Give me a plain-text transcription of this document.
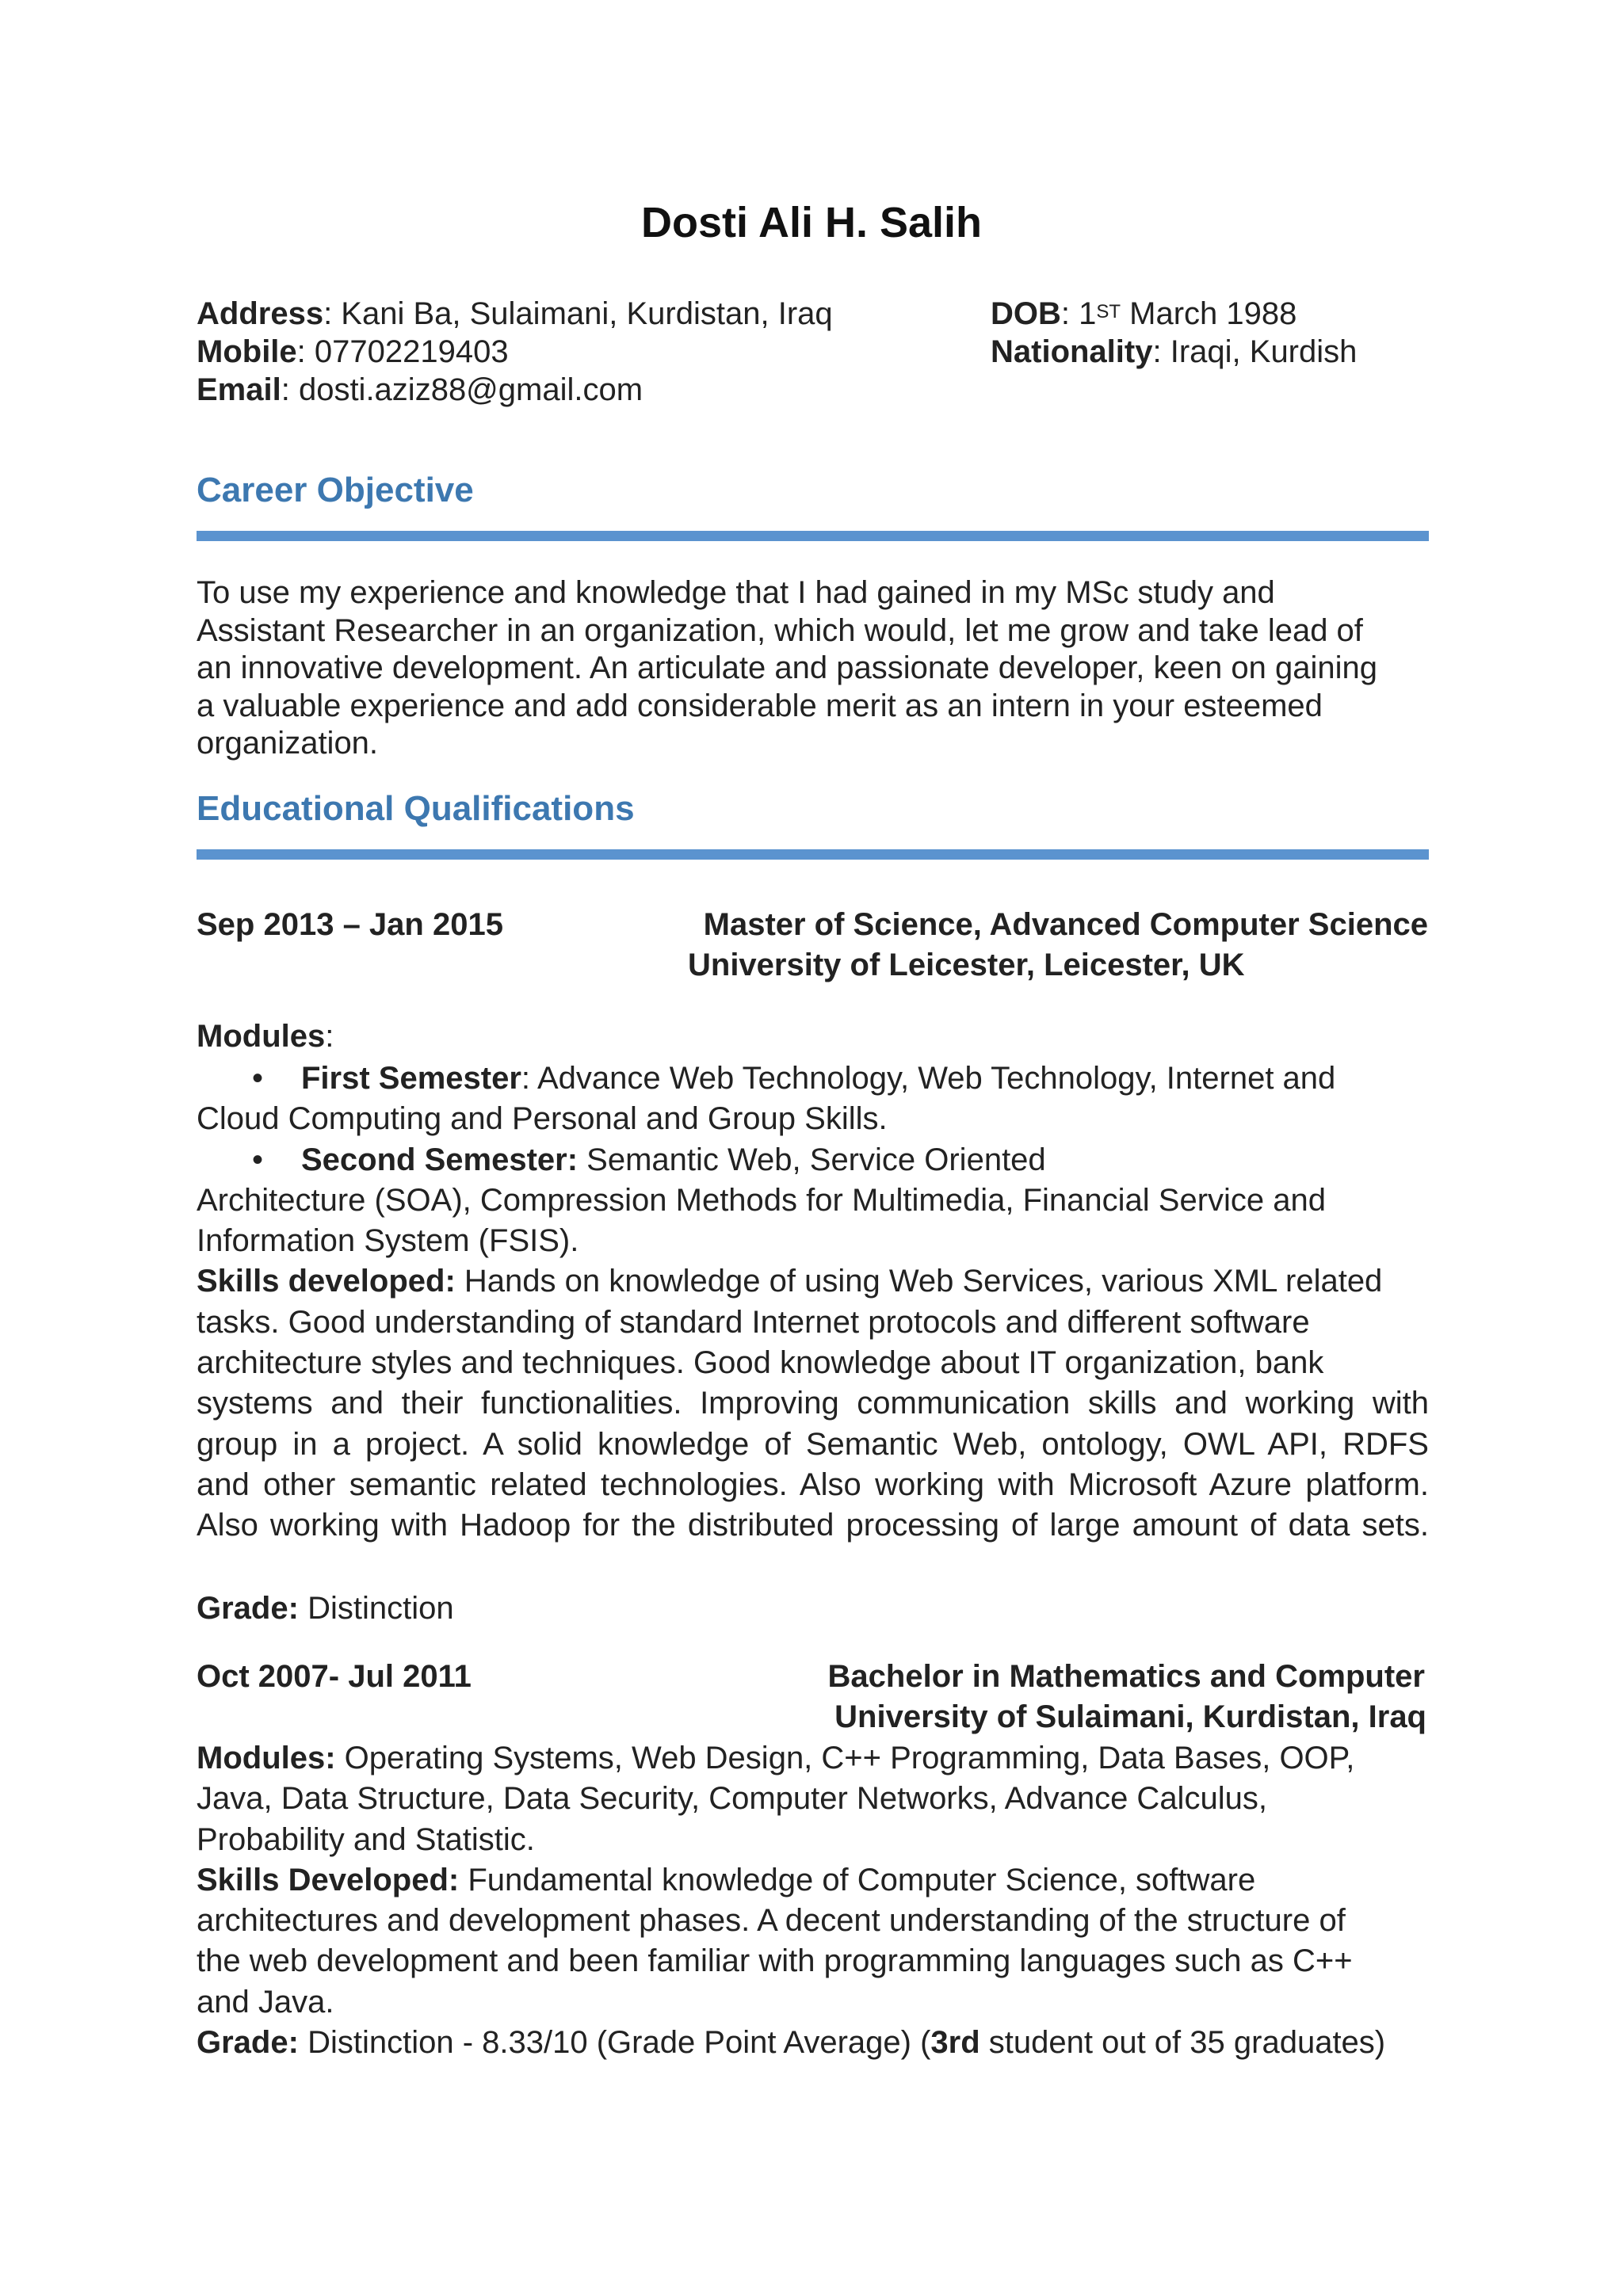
Dosti Ali H. Salih
Address: Kani Ba, Sulaimani, Kurdistan, Iraq
Mobile: 07702219403
Email: dosti.aziz88@gmail.com
DOB: 1ST March 1988
Nationality: Iraqi, Kurdish
Career Objective
To use my experience and knowledge that I had gained in my MSc study and
Assistant Researcher in an organization, which would, let me grow and take lead of
an innovative development. An articulate and passionate developer, keen on gaining
a valuable experience and add considerable merit as an intern in your esteemed
organization.
Educational Qualifications
Sep 2013 – Jan 2015	Master of Science, Advanced Computer Science
University of Leicester, Leicester, UK
Modules:
• First Semester: Advance Web Technology, Web Technology, Internet and
Cloud Computing and Personal and Group Skills.
• Second Semester: Semantic Web, Service Oriented
Architecture (SOA), Compression Methods for Multimedia, Financial Service and
Information System (FSIS).
Skills developed: Hands on knowledge of using Web Services, various XML related
tasks. Good understanding of standard Internet protocols and different software
architecture styles and techniques. Good knowledge about IT organization, bank
systems and their functionalities. Improving communication skills and working with
group in a project. A solid knowledge of Semantic Web, ontology, OWL API, RDFS
and other semantic related technologies. Also working with Microsoft Azure platform.
Also working with Hadoop for the distributed processing of large amount of data sets.
Grade: Distinction
Oct 2007- Jul 2011	Bachelor in Mathematics and Computer
University of Sulaimani, Kurdistan, Iraq
Modules: Operating Systems, Web Design, C++ Programming, Data Bases, OOP,
Java, Data Structure, Data Security, Computer Networks, Advance Calculus,
Probability and Statistic.
Skills Developed: Fundamental knowledge of Computer Science, software
architectures and development phases. A decent understanding of the structure of
the web development and been familiar with programming languages such as C++
and Java.
Grade: Distinction - 8.33/10 (Grade Point Average) (3rd student out of 35 graduates)
